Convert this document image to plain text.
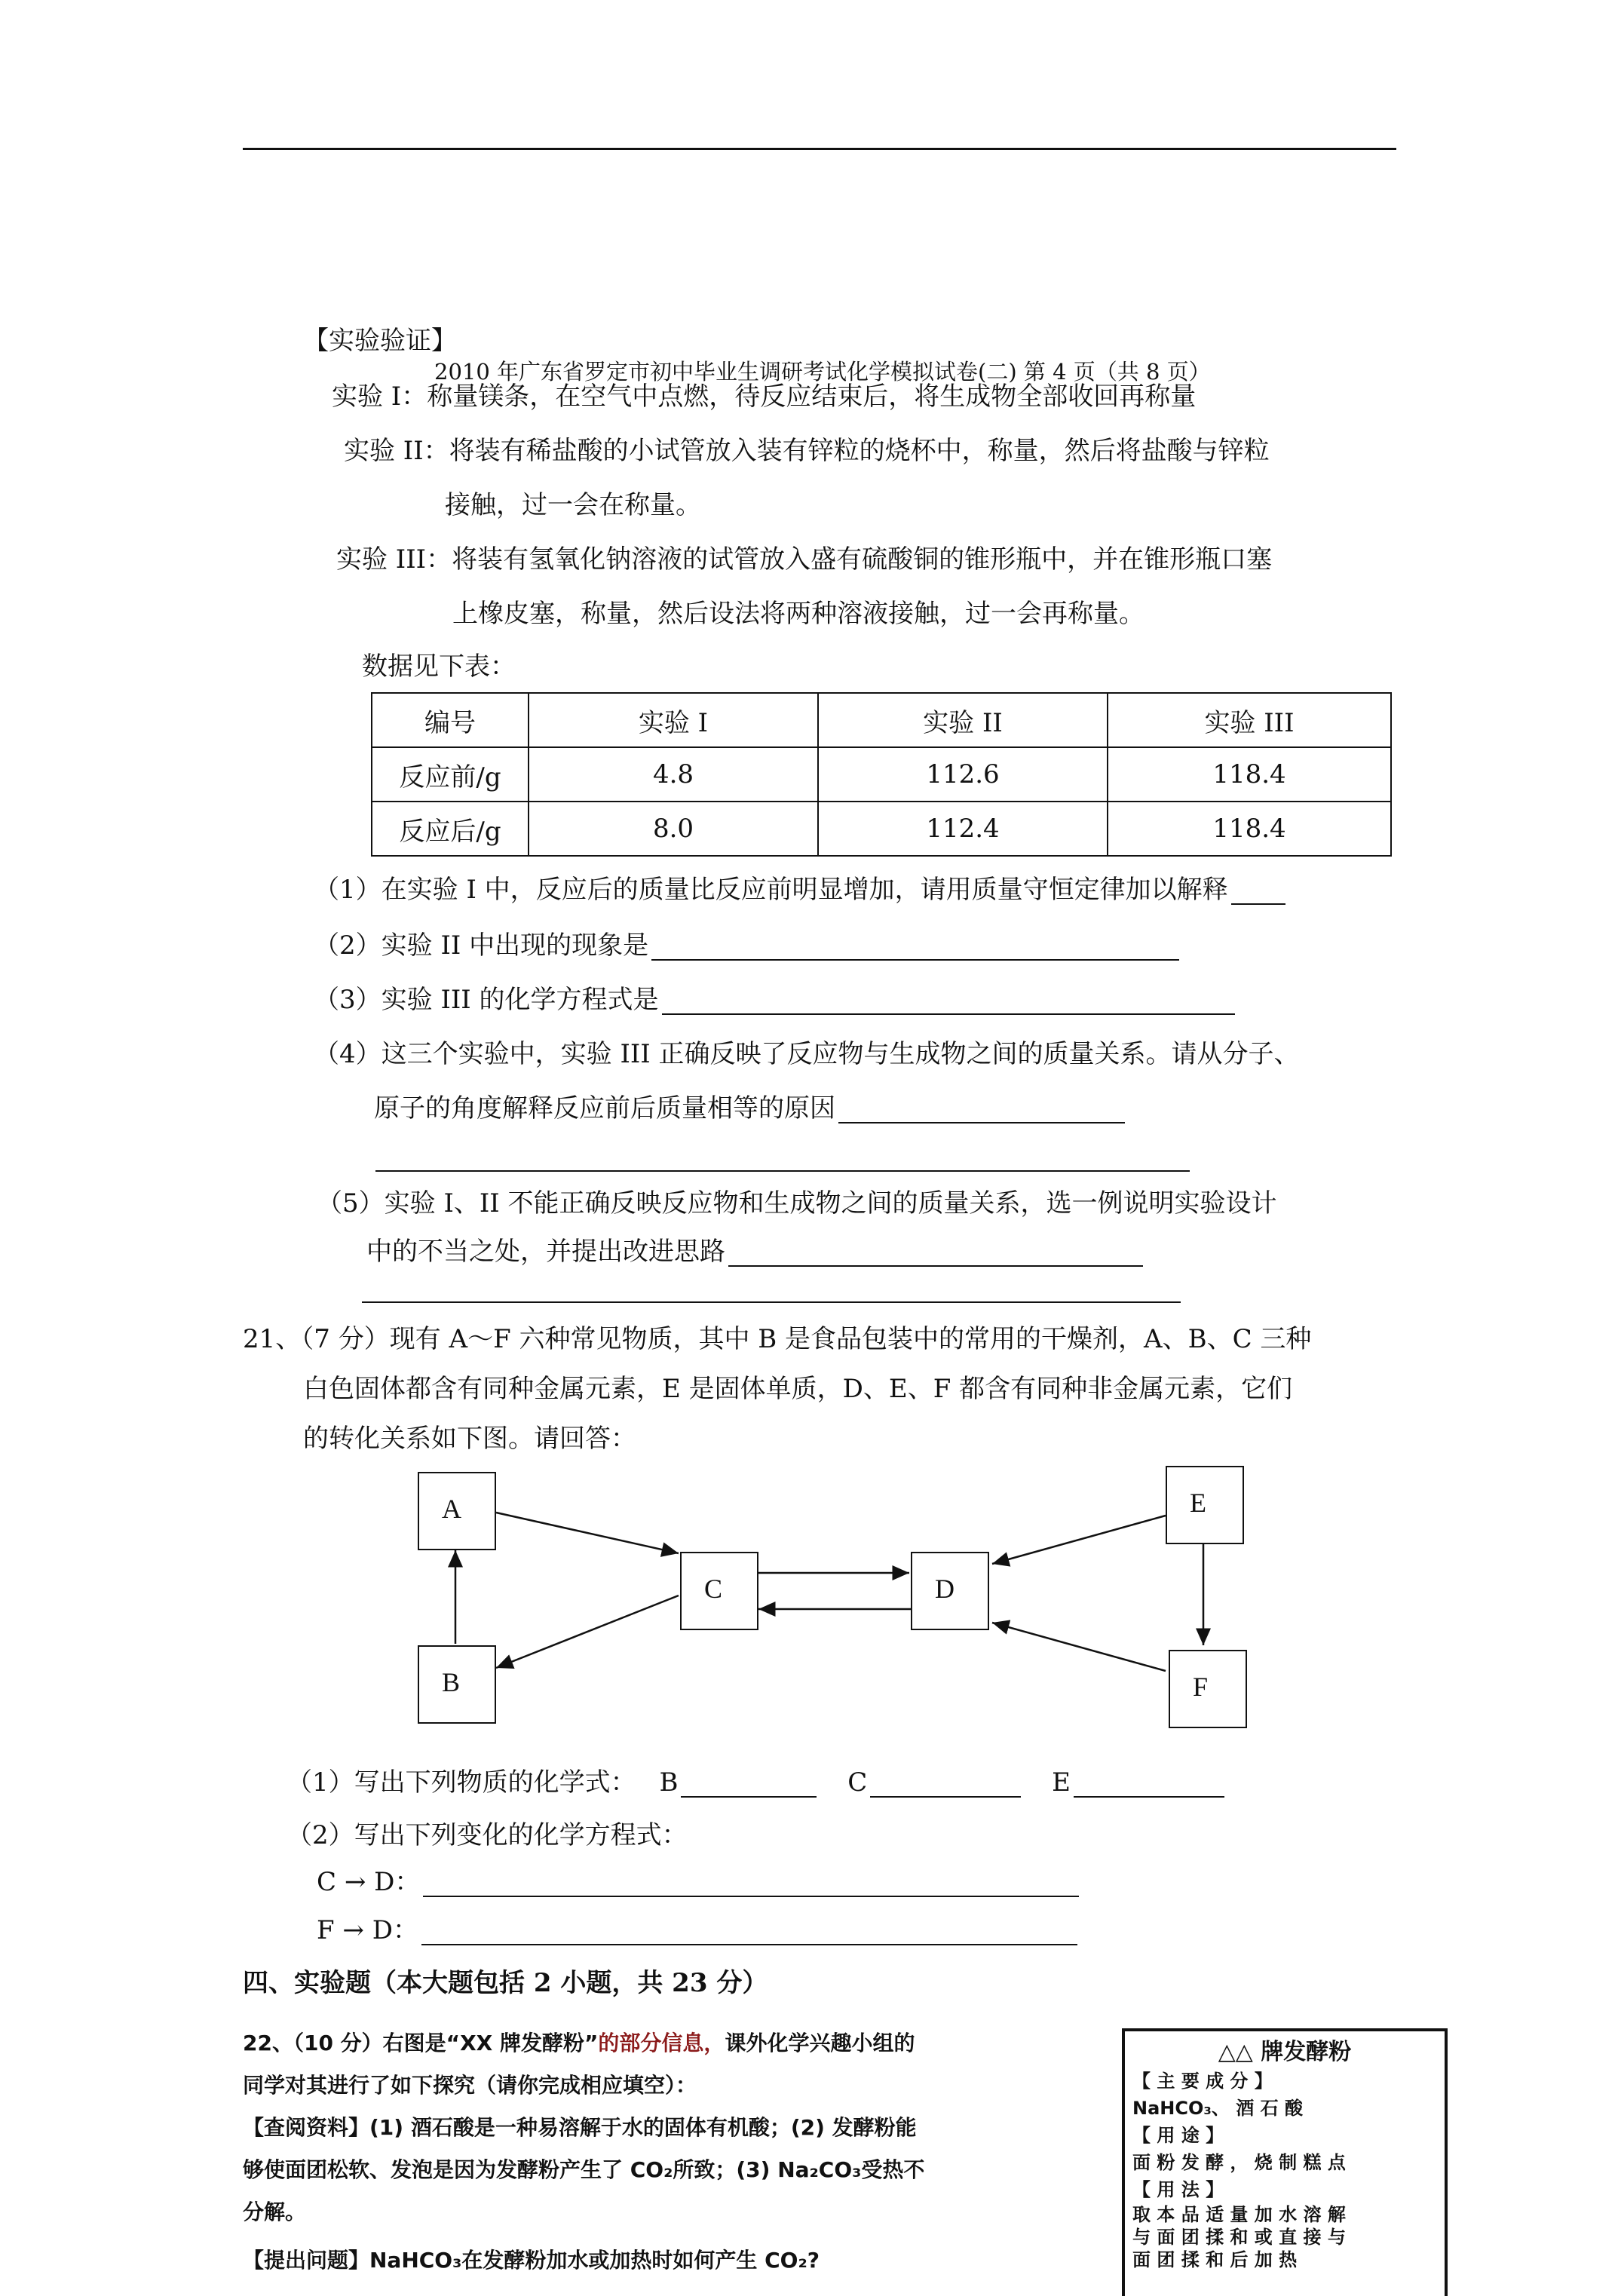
【实验验证】
2010 年广东省罗定市初中毕业生调研考试化学模拟试卷(二) 第 4 页（共 8 页）
实验 I：称量镁条，在空气中点燃，待反应结束后，将生成物全部收回再称量
实验 II：将装有稀盐酸的小试管放入装有锌粒的烧杯中，称量，然后将盐酸与锌粒
接触，过一会在称量。
实验 III：将装有氢氧化钠溶液的试管放入盛有硫酸铜的锥形瓶中，并在锥形瓶口塞
上橡皮塞，称量，然后设法将两种溶液接触，过一会再称量。
数据见下表：
编号	实验 I	实验 II	实验 III
反应前/g	4.8	112.6	118.4
反应后/g	8.0	112.4	118.4
（1）在实验 I 中，反应后的质量比反应前明显增加，请用质量守恒定律加以解释
（2）实验 II 中出现的现象是
（3）实验 III 的化学方程式是
（4）这三个实验中，实验 III 正确反映了反应物与生成物之间的质量关系。请从分子、
原子的角度解释反应前后质量相等的原因
（5）实验 I、II 不能正确反映反应物和生成物之间的质量关系，选一例说明实验设计
中的不当之处，并提出改进思路
21、（7 分）现有 A～F 六种常见物质，其中 B 是食品包装中的常用的干燥剂，A、B、C 三种
白色固体都含有同种金属元素，E 是固体单质，D、E、F 都含有同种非金属元素，它们
的转化关系如下图。请回答：
A
B
C	D
E
F
（1）写出下列物质的化学式： B	C	E
（2）写出下列变化的化学方程式：
C → D：
F → D：
四、实验题（本大题包括 2 小题，共 23 分）
22、（10 分）右图是“XX 牌发酵粉”的部分信息，课外化学兴趣小组的
同学对其进行了如下探究（请你完成相应填空）：
【查阅资料】(1) 酒石酸是一种易溶解于水的固体有机酸；(2) 发酵粉能
够使面团松软、发泡是因为发酵粉产生了 CO₂所致；(3) Na₂CO₃受热不
分解。
【提出问题】NaHCO₃在发酵粉加水或加热时如何产生 CO₂?
△△ 牌发酵粉
【 主 要 成 分 】
NaHCO₃、 酒 石 酸
【 用 途 】
面 粉 发 酵 ， 烧 制 糕 点
【 用 法 】
取 本 品 适 量 加 水 溶 解
与 面 团 揉 和 或 直 接 与
面 团 揉 和 后 加 热
